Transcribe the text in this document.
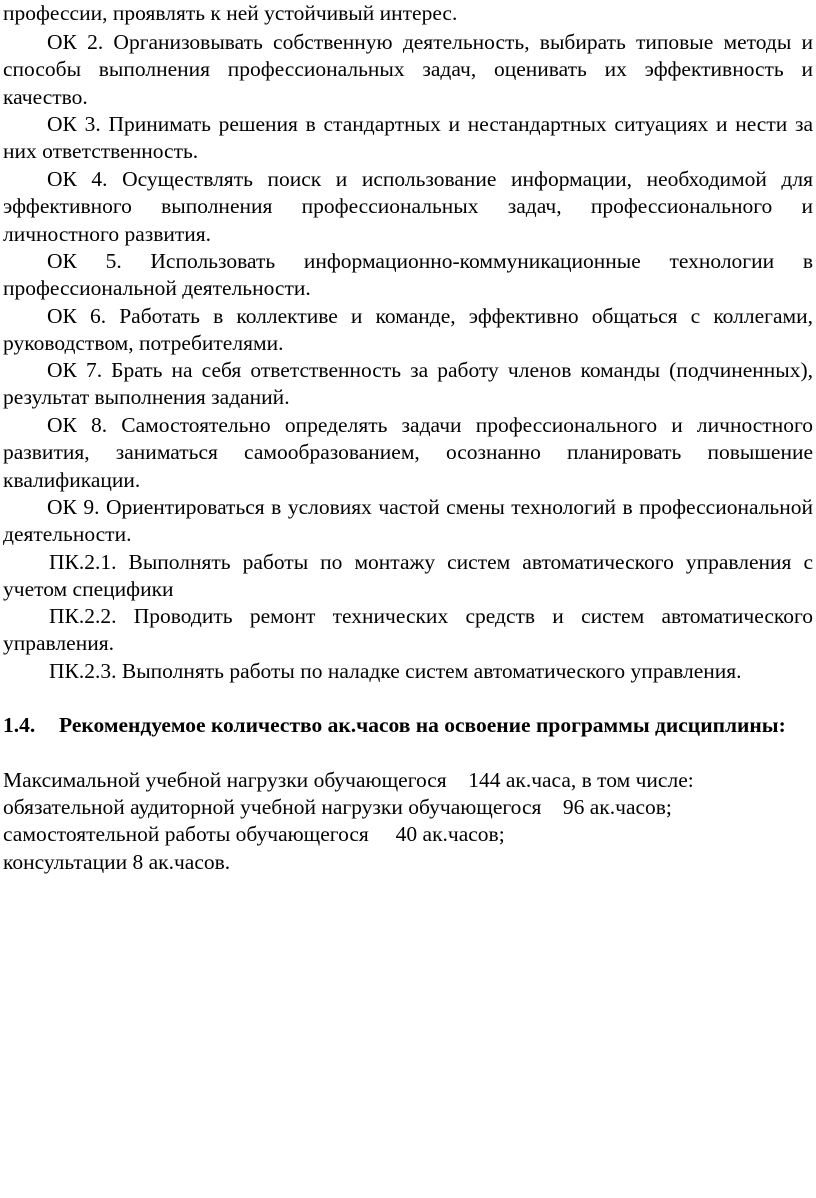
профессии, проявлять к ней устойчивый интерес.

ОК 2. Организовывать собственную деятельность, выбирать типовые методы и способы выполнения профессиональных задач, оценивать их эффективность и качество.

ОК 3. Принимать решения в стандартных и нестандартных ситуациях и нести за них ответственность.

ОК 4. Осуществлять поиск и использование информации, необходимой для эффективного выполнения профессиональных задач, профессионального и личностного развития.

ОК 5. Использовать информационно-коммуникационные технологии в профессиональной деятельности.

ОК 6. Работать в коллективе и команде, эффективно общаться с коллегами, руководством, потребителями.

ОК 7. Брать на себя ответственность за работу членов команды (подчиненных), результат выполнения заданий.

ОК 8. Самостоятельно определять задачи профессионального и личностного развития, заниматься самообразованием, осознанно планировать повышение квалификации.

ОК 9. Ориентироваться в условиях частой смены технологий в профессиональной деятельности.

ПК.2.1. Выполнять работы по монтажу систем автоматического управления с учетом специфики

ПК.2.2. Проводить ремонт технических средств и систем автоматического управления.

ПК.2.3. Выполнять работы по наладке систем автоматического управления.

1.4. Рекомендуемое количество ак.часов на освоение программы дисциплины:

Максимальной учебной нагрузки обучающегося    144 ак.часа, в том числе:

обязательной аудиторной учебной нагрузки обучающегося    96 ак.часов;

самостоятельной работы обучающегося     40 ак.часов;

консультации 8 ак.часов.
